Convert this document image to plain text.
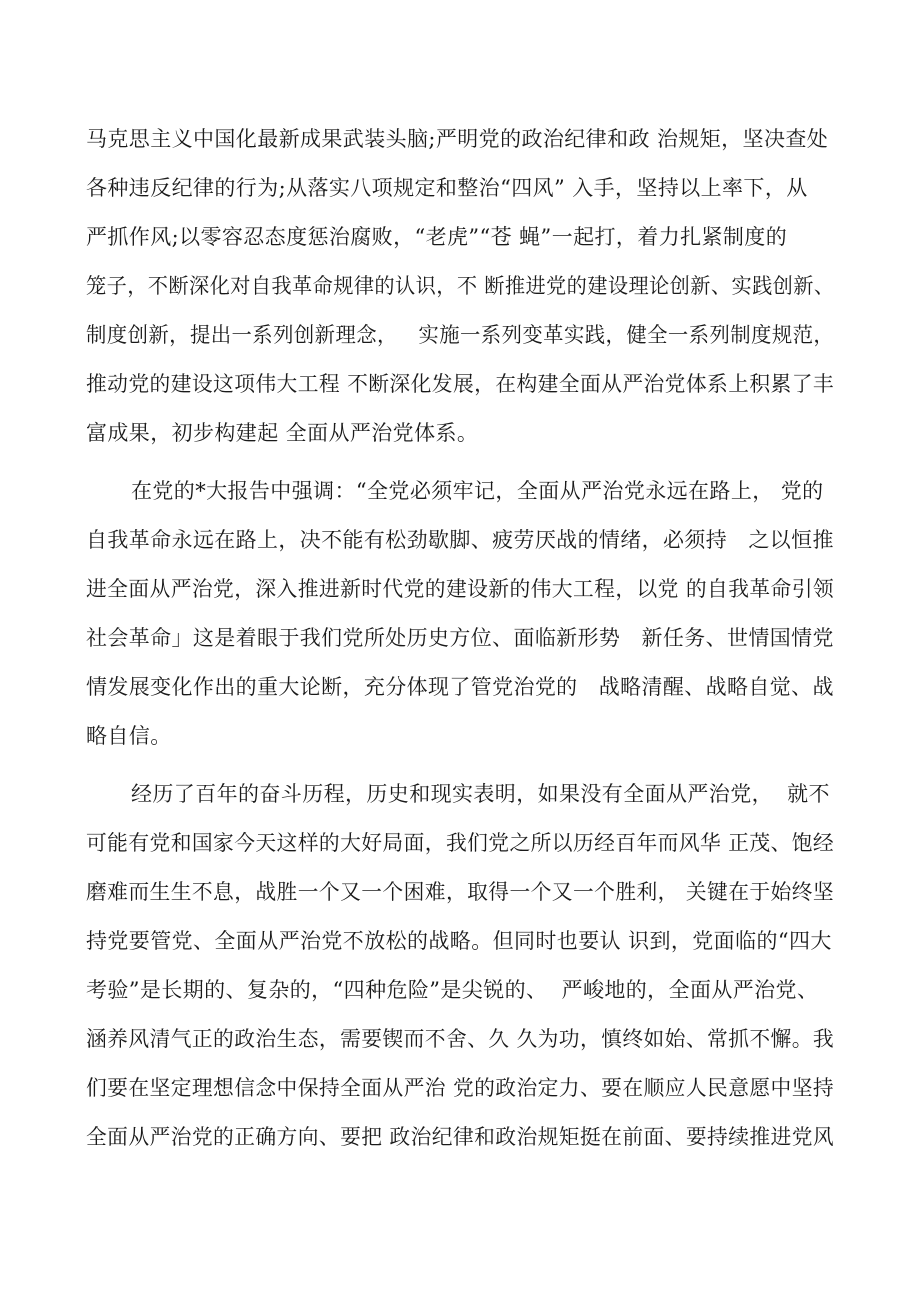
马克思主义中国化最新成果武装头脑;严明党的政治纪律和政 治规矩，坚决查处
各种违反纪律的行为;从落实八项规定和整治“四风” 入手，坚持以上率下，从
严抓作风;以零容忍态度惩治腐败，“老虎”“苍 蝇”一起打，着力扎紧制度的
笼子，不断深化对自我革命规律的认识，不 断推进党的建设理论创新、实践创新、
制度创新，提出一系列创新理念，   实施一系列变革实践，健全一系列制度规范，
推动党的建设这项伟大工程 不断深化发展，在构建全面从严治党体系上积累了丰
富成果，初步构建起 全面从严治党体系。
在党的*大报告中强调：“全党必须牢记，全面从严治党永远在路上， 党的
自我革命永远在路上，决不能有松劲歇脚、疲劳厌战的情绪，必须持   之以恒推
进全面从严治党，深入推进新时代党的建设新的伟大工程，以党 的自我革命引领
社会革命」这是着眼于我们党所处历史方位、面临新形势   新任务、世情国情党
情发展变化作出的重大论断，充分体现了管党治党的   战略清醒、战略自觉、战
略自信。
经历了百年的奋斗历程，历史和现实表明，如果没有全面从严治党，  就不
可能有党和国家今天这样的大好局面，我们党之所以历经百年而风华 正茂、饱经
磨难而生生不息，战胜一个又一个困难，取得一个又一个胜利， 关键在于始终坚
持党要管党、全面从严治党不放松的战略。但同时也要认 识到，党面临的“四大
考验”是长期的、复杂的，“四种危险”是尖锐的、  严峻地的，全面从严治党、
涵养风清气正的政治生态，需要锲而不舍、久 久为功，慎终如始、常抓不懈。我
们要在坚定理想信念中保持全面从严治 党的政治定力、要在顺应人民意愿中坚持
全面从严治党的正确方向、要把 政治纪律和政治规矩挺在前面、要持续推进党风
